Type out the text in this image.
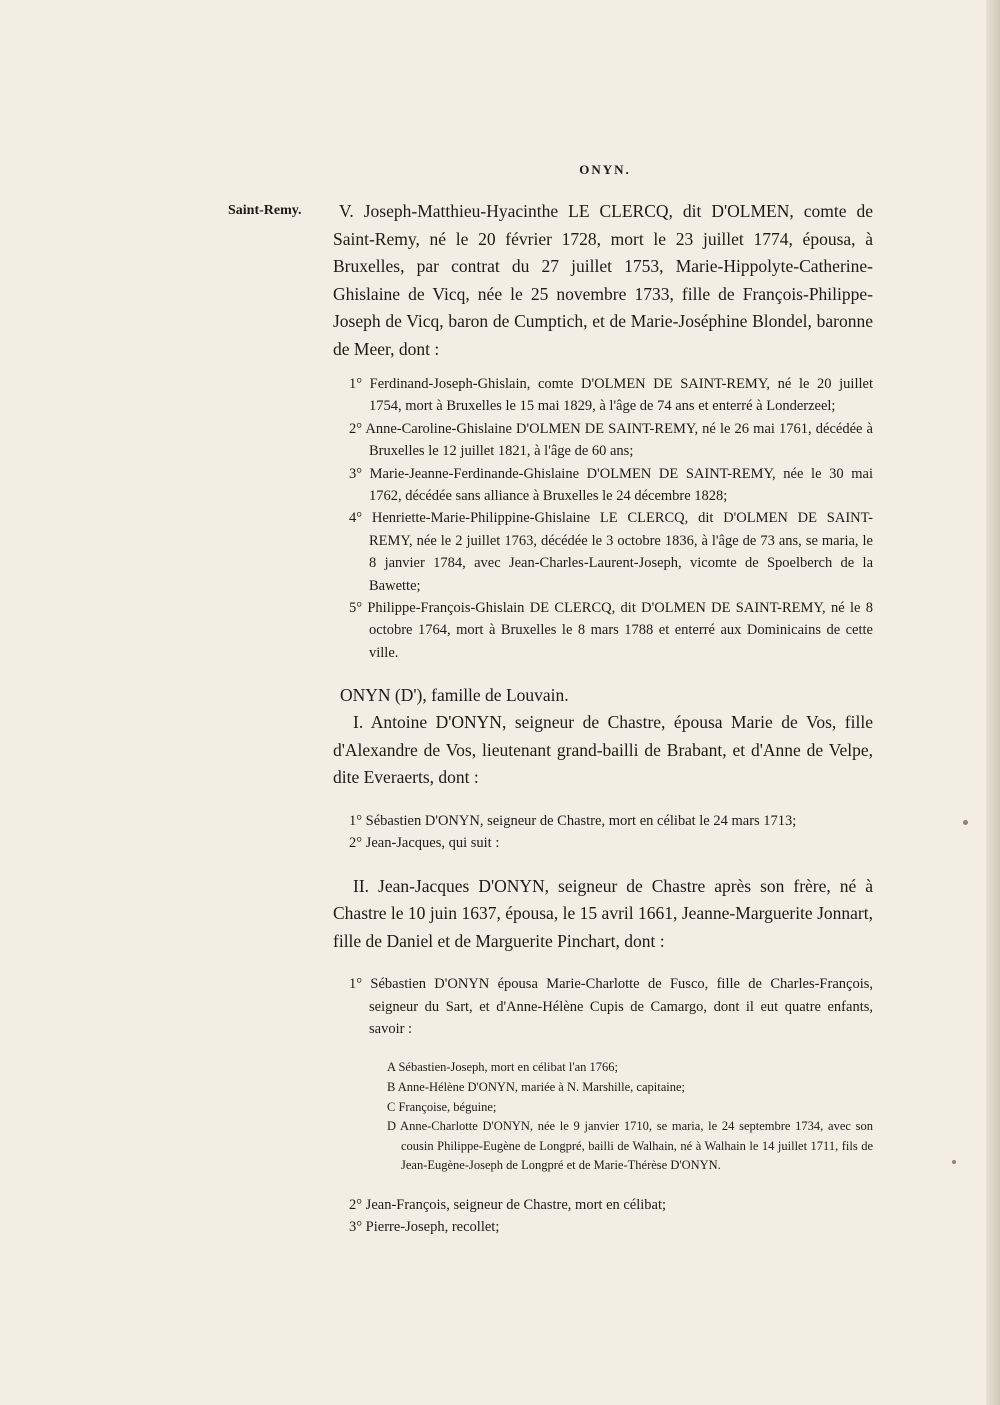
ONYN.
Saint-Remy.	V. Joseph-Matthieu-Hyacinthe LE CLERCQ, dit D'OLMEN, comte de Saint-Remy, né le 20 février 1728, mort le 23 juillet 1774, épousa, à Bruxelles, par contrat du 27 juillet 1753, Marie-Hippolyte-Catherine-Ghislaine de Vicq, née le 25 novembre 1733, fille de François-Philippe-Joseph de Vicq, baron de Cumptich, et de Marie-Joséphine Blondel, baronne de Meer, dont :

1° Ferdinand-Joseph-Ghislain, comte D'OLMEN DE SAINT-REMY, né le 20 juillet 1754, mort à Bruxelles le 15 mai 1829, à l'âge de 74 ans et enterré à Londerzeel;

2° Anne-Caroline-Ghislaine D'OLMEN DE SAINT-REMY, né le 26 mai 1761, décédée à Bruxelles le 12 juillet 1821, à l'âge de 60 ans;

3° Marie-Jeanne-Ferdinande-Ghislaine D'OLMEN DE SAINT-REMY, née le 30 mai 1762, décédée sans alliance à Bruxelles le 24 décembre 1828;

4° Henriette-Marie-Philippine-Ghislaine LE CLERCQ, dit D'OLMEN DE SAINT-REMY, née le 2 juillet 1763, décédée le 3 octobre 1836, à l'âge de 73 ans, se maria, le 8 janvier 1784, avec Jean-Charles-Laurent-Joseph, vicomte de Spoelberch de la Bawette;

5° Philippe-François-Ghislain DE CLERCQ, dit D'OLMEN DE SAINT-REMY, né le 8 octobre 1764, mort à Bruxelles le 8 mars 1788 et enterré aux Dominicains de cette ville.

ONYN (D'), famille de Louvain.

I. Antoine D'ONYN, seigneur de Chastre, épousa Marie de Vos, fille d'Alexandre de Vos, lieutenant grand-bailli de Brabant, et d'Anne de Velpe, dite Everaerts, dont :

1° Sébastien D'ONYN, seigneur de Chastre, mort en célibat le 24 mars 1713;

2° Jean-Jacques, qui suit :

II. Jean-Jacques D'ONYN, seigneur de Chastre après son frère, né à Chastre le 10 juin 1637, épousa, le 15 avril 1661, Jeanne-Marguerite Jonnart, fille de Daniel et de Marguerite Pinchart, dont :

1° Sébastien D'ONYN épousa Marie-Charlotte de Fusco, fille de Charles-François, seigneur du Sart, et d'Anne-Hélène Cupis de Camargo, dont il eut quatre enfants, savoir :

A Sébastien-Joseph, mort en célibat l'an 1766;

B Anne-Hélène D'ONYN, mariée à N. Marshille, capitaine;

C Françoise, béguine;

D Anne-Charlotte D'ONYN, née le 9 janvier 1710, se maria, le 24 septembre 1734, avec son cousin Philippe-Eugène de Longpré, bailli de Walhain, né à Walhain le 14 juillet 1711, fils de Jean-Eugène-Joseph de Longpré et de Marie-Thérèse D'ONYN.

2° Jean-François, seigneur de Chastre, mort en célibat;

3° Pierre-Joseph, recollet;
